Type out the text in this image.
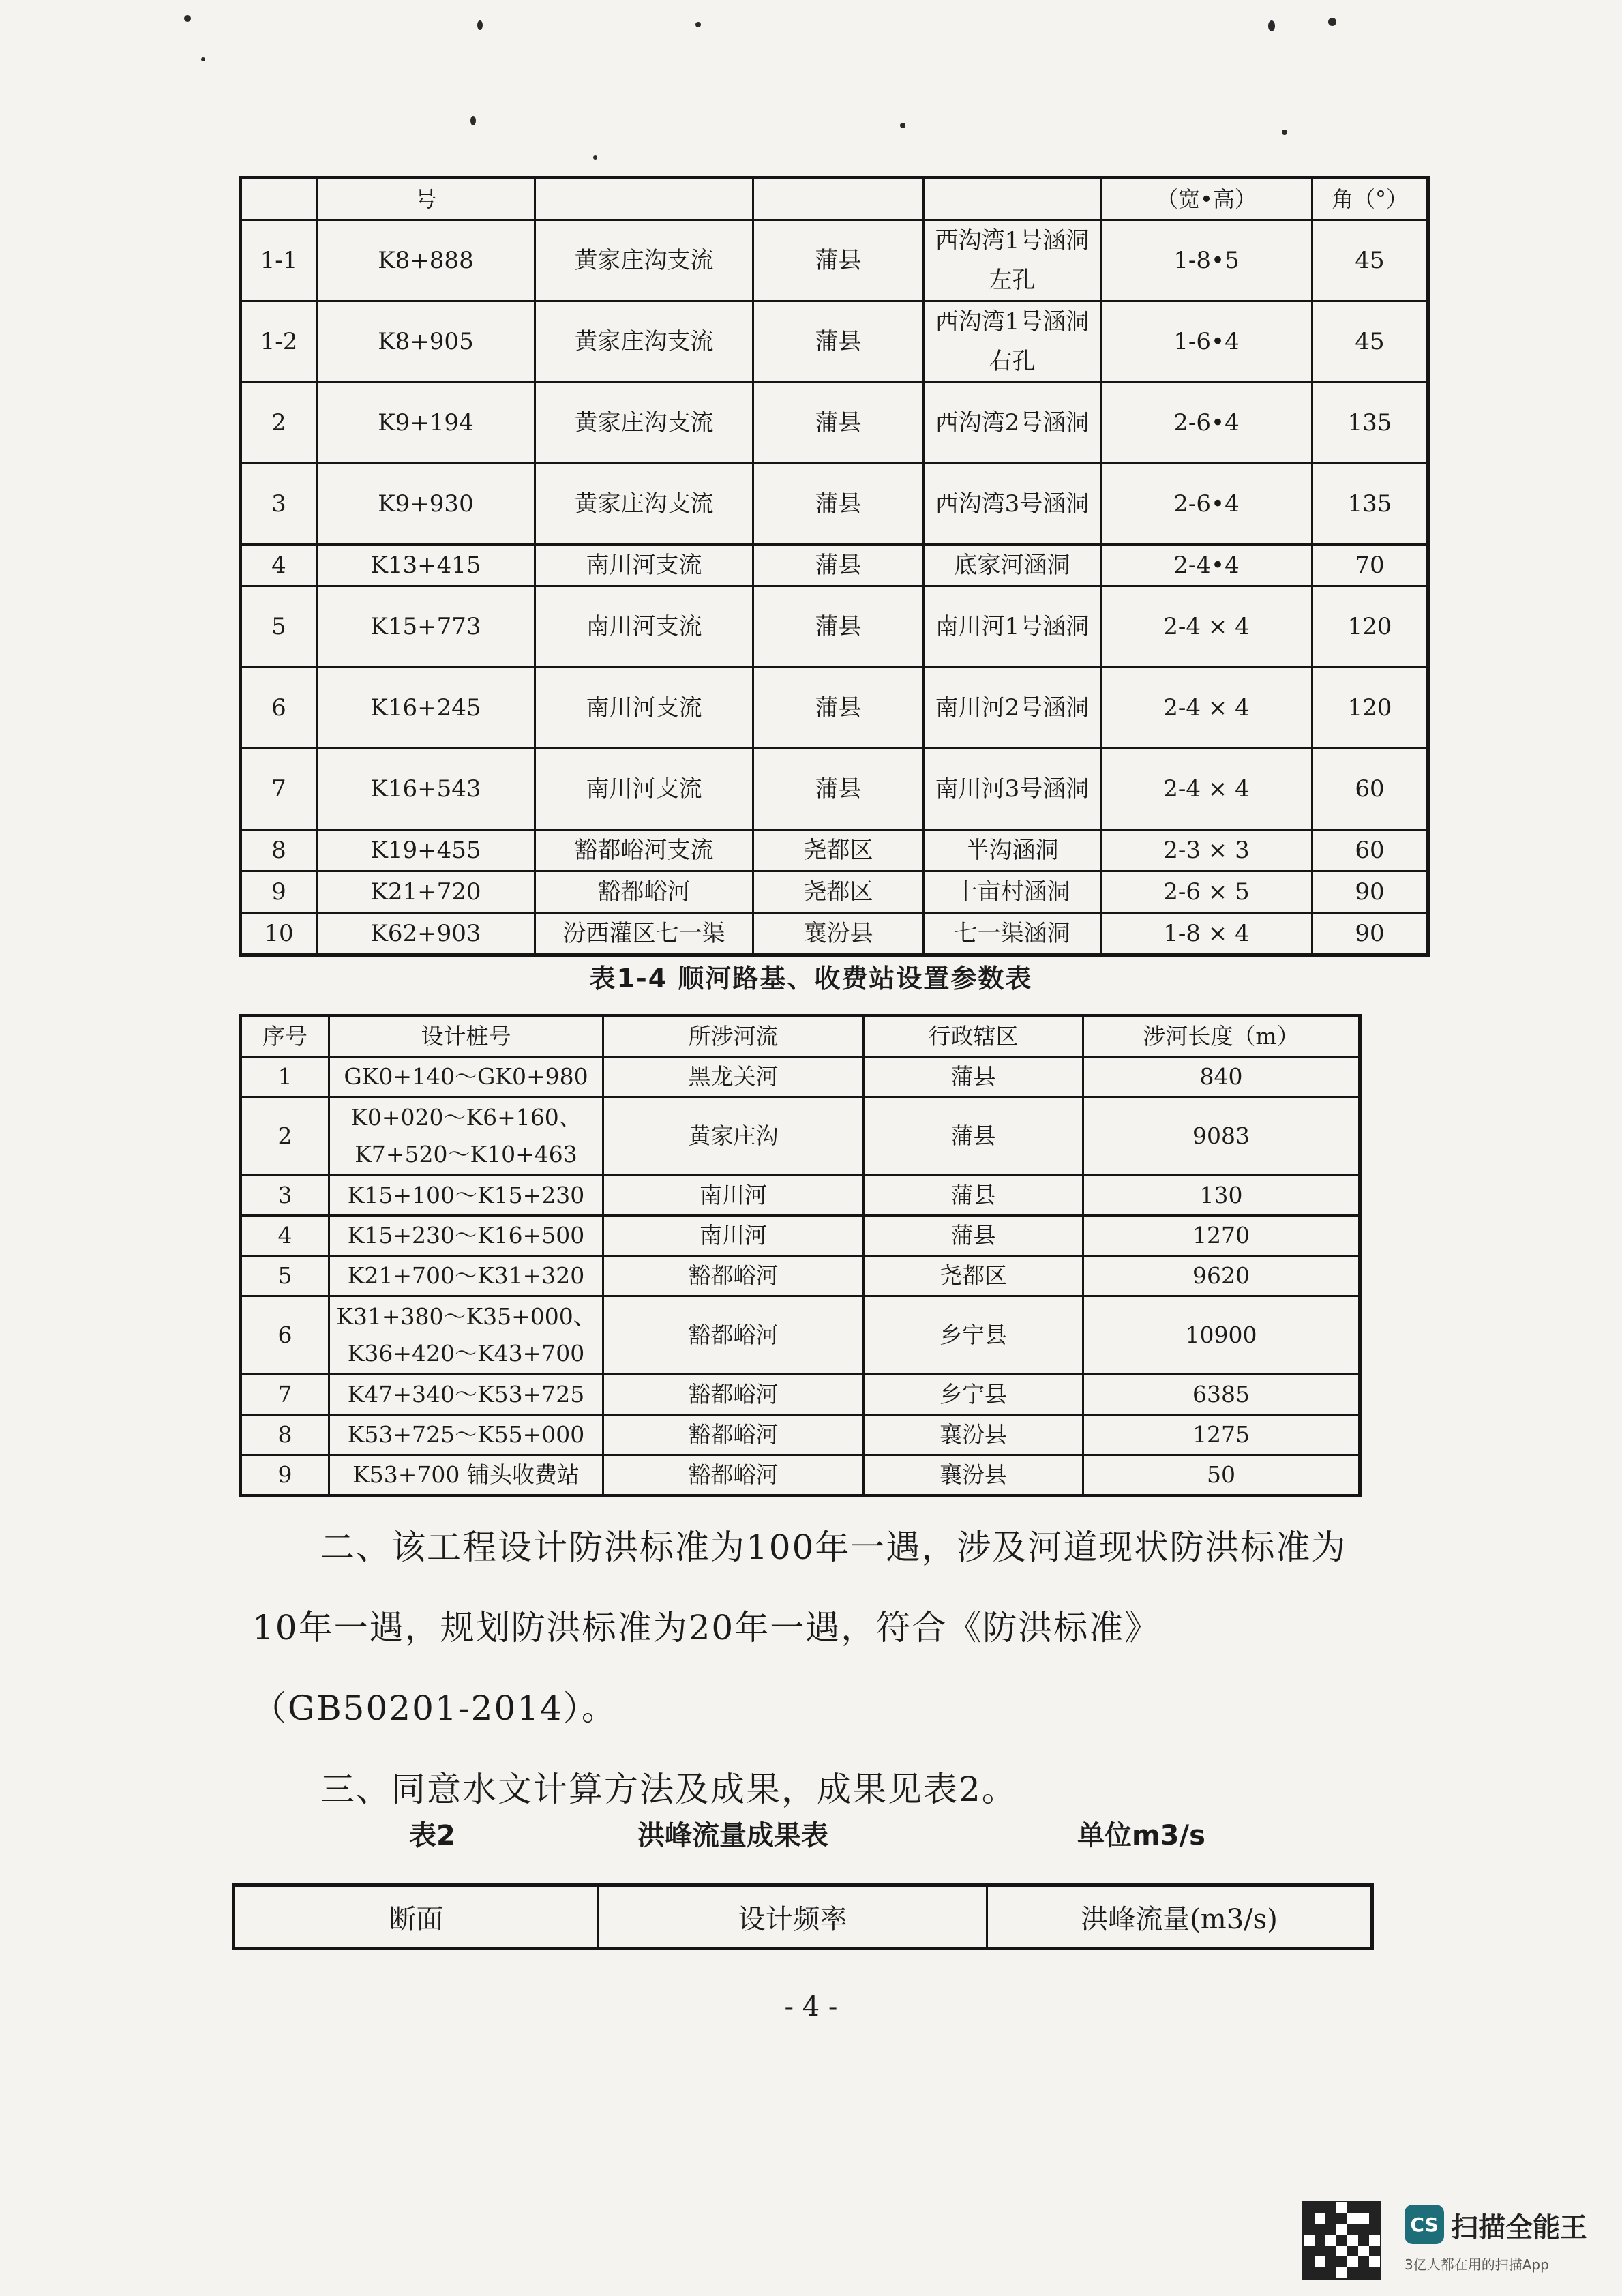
	号				（宽•高）	角（°）
1-1	K8+888	黄家庄沟支流	蒲县	西沟湾1号涵洞左孔	1-8•5	45
1-2	K8+905	黄家庄沟支流	蒲县	西沟湾1号涵洞右孔	1-6•4	45
2	K9+194	黄家庄沟支流	蒲县	西沟湾2号涵洞	2-6•4	135
3	K9+930	黄家庄沟支流	蒲县	西沟湾3号涵洞	2-6•4	135
4	K13+415	南川河支流	蒲县	底家河涵洞	2-4•4	70
5	K15+773	南川河支流	蒲县	南川河1号涵洞	2-4 × 4	120
6	K16+245	南川河支流	蒲县	南川河2号涵洞	2-4 × 4	120
7	K16+543	南川河支流	蒲县	南川河3号涵洞	2-4 × 4	60
8	K19+455	豁都峪河支流	尧都区	半沟涵洞	2-3 × 3	60
9	K21+720	豁都峪河	尧都区	十亩村涵洞	2-6 × 5	90
10	K62+903	汾西灌区七一渠	襄汾县	七一渠涵洞	1-8 × 4	90
表1-4 顺河路基、收费站设置参数表
序号	设计桩号	所涉河流	行政辖区	涉河长度（m）
1	GK0+140～GK0+980	黑龙关河	蒲县	840
2	K0+020～K6+160、K7+520～K10+463	黄家庄沟	蒲县	9083
3	K15+100～K15+230	南川河	蒲县	130
4	K15+230～K16+500	南川河	蒲县	1270
5	K21+700～K31+320	豁都峪河	尧都区	9620
6	K31+380～K35+000、K36+420～K43+700	豁都峪河	乡宁县	10900
7	K47+340～K53+725	豁都峪河	乡宁县	6385
8	K53+725～K55+000	豁都峪河	襄汾县	1275
9	K53+700 铺头收费站	豁都峪河	襄汾县	50
二、该工程设计防洪标准为100年一遇，涉及河道现状防洪标准为10年一遇，规划防洪标准为20年一遇，符合《防洪标准》（GB50201-2014）。
三、同意水文计算方法及成果，成果见表2。
表2	洪峰流量成果表	单位m3/s
断面	设计频率	洪峰流量(m3/s)
- 4 -
CS 扫描全能王
3亿人都在用的扫描App
